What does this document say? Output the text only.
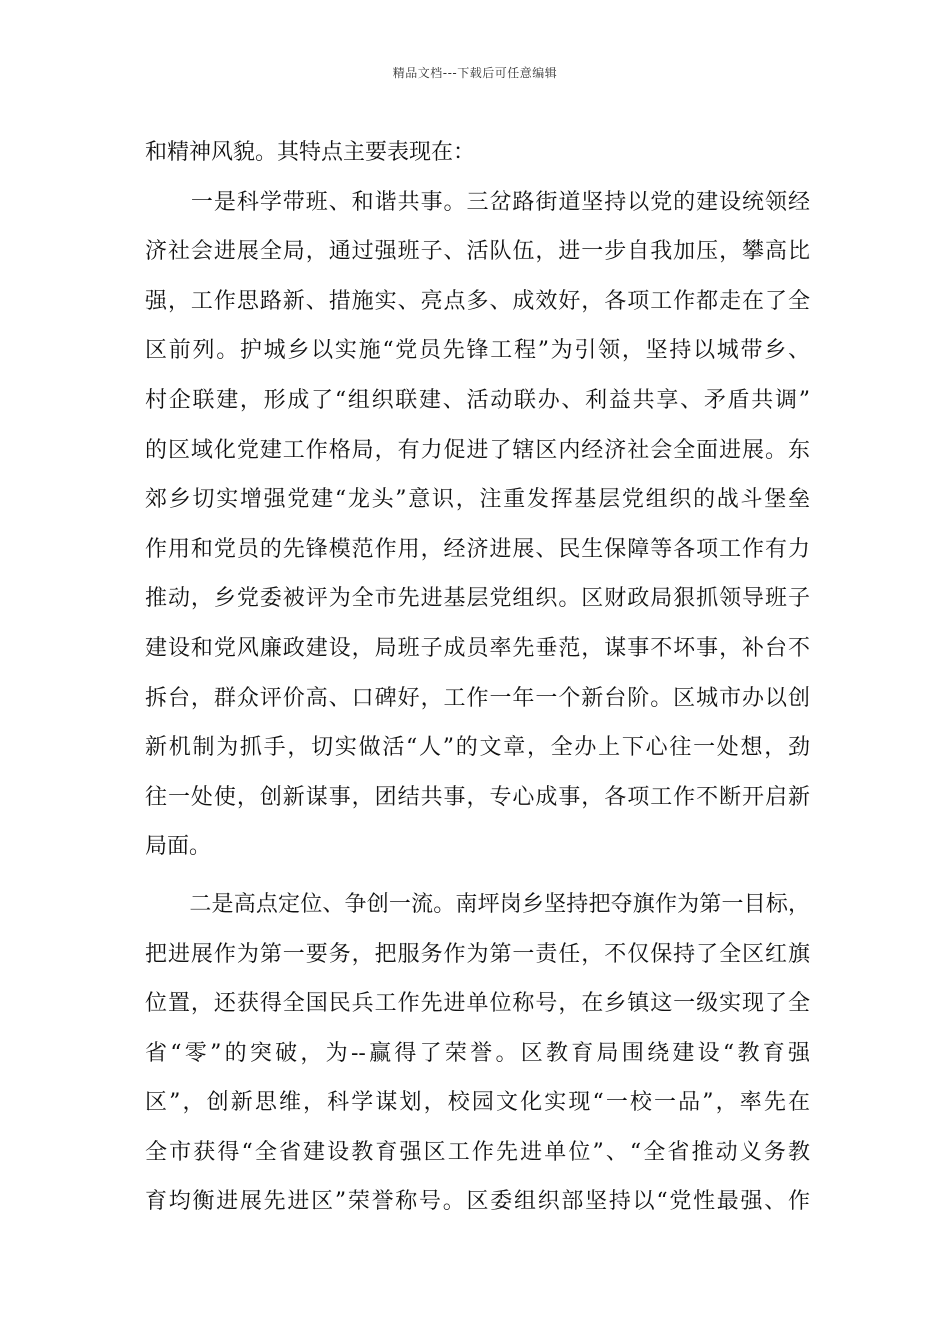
精品文档---下载后可任意编辑
和精神风貌。其特点主要表现在：
　　一是科学带班、和谐共事。三岔路街道坚持以党的建设统领经
济社会进展全局，通过强班子、活队伍，进一步自我加压，攀高比
强，工作思路新、措施实、亮点多、成效好，各项工作都走在了全
区前列。护城乡以实施“党员先锋工程”为引领，坚持以城带乡、
村企联建，形成了“组织联建、活动联办、利益共享、矛盾共调”
的区域化党建工作格局，有力促进了辖区内经济社会全面进展。东
郊乡切实增强党建“龙头”意识，注重发挥基层党组织的战斗堡垒
作用和党员的先锋模范作用，经济进展、民生保障等各项工作有力
推动，乡党委被评为全市先进基层党组织。区财政局狠抓领导班子
建设和党风廉政建设，局班子成员率先垂范，谋事不坏事，补台不
拆台，群众评价高、口碑好，工作一年一个新台阶。区城市办以创
新机制为抓手，切实做活“人”的文章，全办上下心往一处想，劲
往一处使，创新谋事，团结共事，专心成事，各项工作不断开启新
局面。
　　二是高点定位、争创一流。南坪岗乡坚持把夺旗作为第一目标，
把进展作为第一要务，把服务作为第一责任，不仅保持了全区红旗
位置，还获得全国民兵工作先进单位称号，在乡镇这一级实现了全
省“零”的突破，为--赢得了荣誉。区教育局围绕建设“教育强
区”，创新思维，科学谋划，校园文化实现“一校一品”，率先在
全市获得“全省建设教育强区工作先进单位”、“全省推动义务教
育均衡进展先进区”荣誉称号。区委组织部坚持以“党性最强、作
